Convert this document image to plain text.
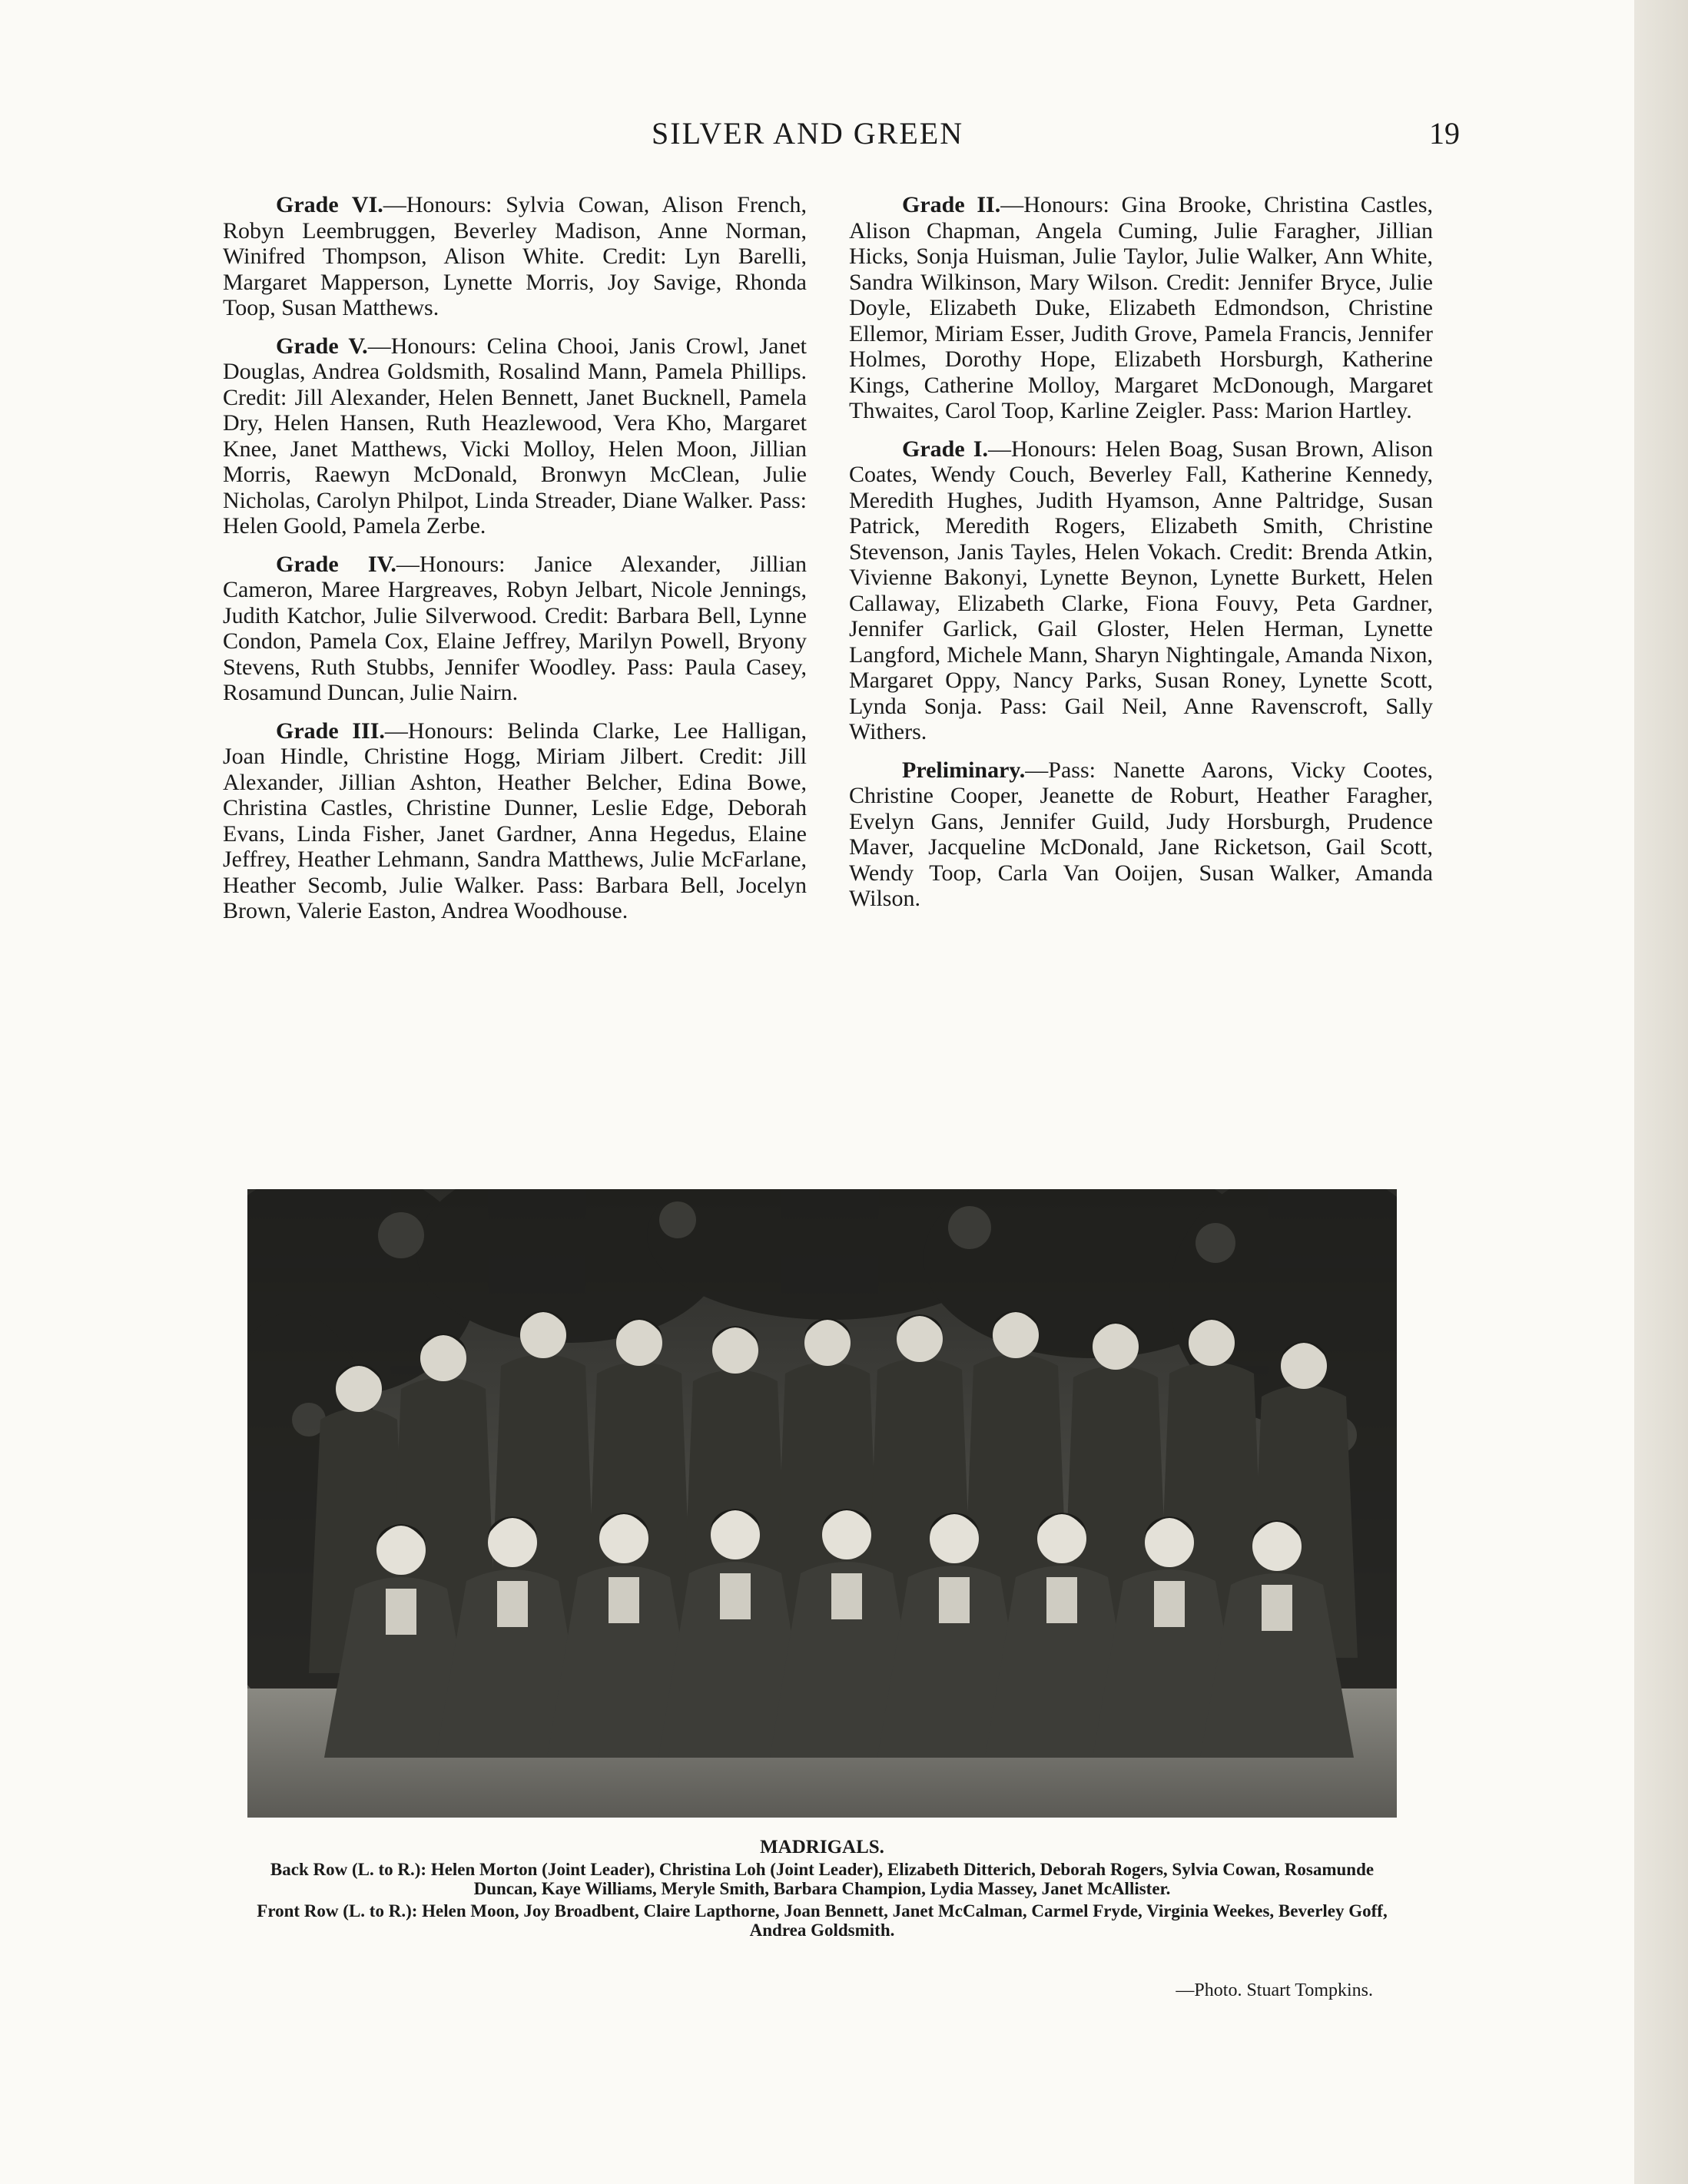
SILVER AND GREEN	19

Grade VI.—Honours: Sylvia Cowan, Alison French, Robyn Leembruggen, Beverley Madison, Anne Norman, Winifred Thompson, Alison White. Credit: Lyn Barelli, Margaret Mapperson, Lynette Morris, Joy Savige, Rhonda Toop, Susan Matthews.

Grade V.—Honours: Celina Chooi, Janis Crowl, Janet Douglas, Andrea Goldsmith, Rosalind Mann, Pamela Phillips. Credit: Jill Alexander, Helen Bennett, Janet Bucknell, Pamela Dry, Helen Hansen, Ruth Heazlewood, Vera Kho, Margaret Knee, Janet Matthews, Vicki Molloy, Helen Moon, Jillian Morris, Raewyn McDonald, Bronwyn McClean, Julie Nicholas, Carolyn Philpot, Linda Streader, Diane Walker. Pass: Helen Goold, Pamela Zerbe.

Grade IV.—Honours: Janice Alexander, Jillian Cameron, Maree Hargreaves, Robyn Jelbart, Nicole Jennings, Judith Katchor, Julie Silverwood. Credit: Barbara Bell, Lynne Condon, Pamela Cox, Elaine Jeffrey, Marilyn Powell, Bryony Stevens, Ruth Stubbs, Jennifer Woodley. Pass: Paula Casey, Rosamund Duncan, Julie Nairn.

Grade III.—Honours: Belinda Clarke, Lee Halligan, Joan Hindle, Christine Hogg, Miriam Jilbert. Credit: Jill Alexander, Jillian Ashton, Heather Belcher, Edina Bowe, Christina Castles, Christine Dunner, Leslie Edge, Deborah Evans, Linda Fisher, Janet Gardner, Anna Hegedus, Elaine Jeffrey, Heather Lehmann, Sandra Matthews, Julie McFarlane, Heather Secomb, Julie Walker. Pass: Barbara Bell, Jocelyn Brown, Valerie Easton, Andrea Woodhouse.

Grade II.—Honours: Gina Brooke, Christina Castles, Alison Chapman, Angela Cuming, Julie Faragher, Jillian Hicks, Sonja Huisman, Julie Taylor, Julie Walker, Ann White, Sandra Wilkinson, Mary Wilson. Credit: Jennifer Bryce, Julie Doyle, Elizabeth Duke, Elizabeth Edmondson, Christine Ellemor, Miriam Esser, Judith Grove, Pamela Francis, Jennifer Holmes, Dorothy Hope, Elizabeth Horsburgh, Katherine Kings, Catherine Molloy, Margaret McDonough, Margaret Thwaites, Carol Toop, Karline Zeigler. Pass: Marion Hartley.

Grade I.—Honours: Helen Boag, Susan Brown, Alison Coates, Wendy Couch, Beverley Fall, Katherine Kennedy, Meredith Hughes, Judith Hyamson, Anne Paltridge, Susan Patrick, Meredith Rogers, Elizabeth Smith, Christine Stevenson, Janis Tayles, Helen Vokach. Credit: Brenda Atkin, Vivienne Bakonyi, Lynette Beynon, Lynette Burkett, Helen Callaway, Elizabeth Clarke, Fiona Fouvy, Peta Gardner, Jennifer Garlick, Gail Gloster, Helen Herman, Lynette Langford, Michele Mann, Sharyn Nightingale, Amanda Nixon, Margaret Oppy, Nancy Parks, Susan Roney, Lynette Scott, Lynda Sonja. Pass: Gail Neil, Anne Ravenscroft, Sally Withers.

Preliminary.—Pass: Nanette Aarons, Vicky Cootes, Christine Cooper, Jeanette de Roburt, Heather Faragher, Evelyn Gans, Jennifer Guild, Judy Horsburgh, Prudence Maver, Jacqueline McDonald, Jane Ricketson, Gail Scott, Wendy Toop, Carla Van Ooijen, Susan Walker, Amanda Wilson.

MADRIGALS.
Back Row (L. to R.): Helen Morton (Joint Leader), Christina Loh (Joint Leader), Elizabeth Ditterich, Deborah Rogers, Sylvia Cowan, Rosamunde Duncan, Kaye Williams, Meryle Smith, Barbara Champion, Lydia Massey, Janet McAllister.
Front Row (L. to R.): Helen Moon, Joy Broadbent, Claire Lapthorne, Joan Bennett, Janet McCalman, Carmel Fryde, Virginia Weekes, Beverley Goff, Andrea Goldsmith.
—Photo. Stuart Tompkins.
